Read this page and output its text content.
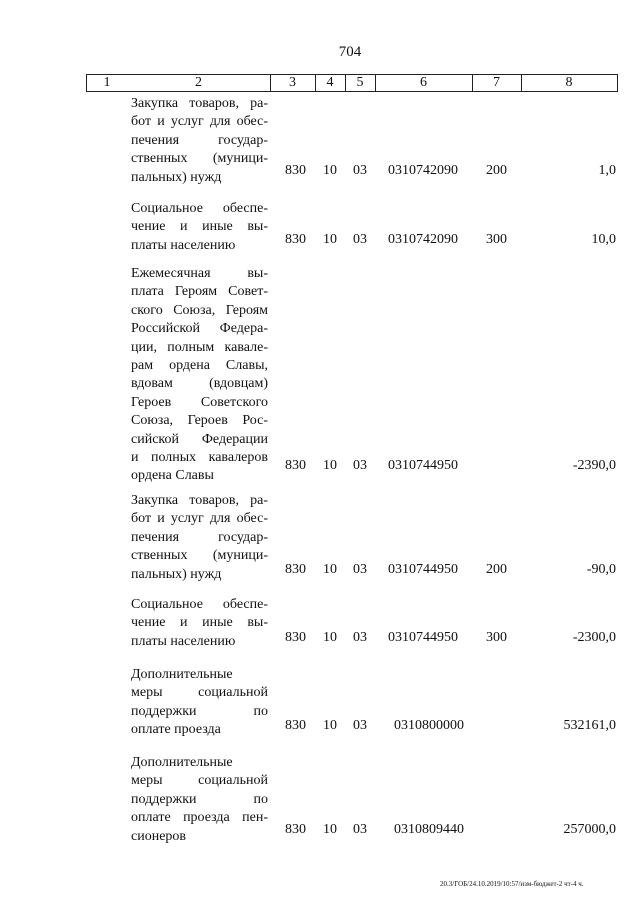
704
1	2	3	4	5	6	7	8
Закупка товаров, ра-
бот и услуг для обес-
печения государ-
ственных (муници-
пальных) нужд	830 10 03 0310742090 200	1,0
Социальное обеспе-
чение и иные вы-
платы населению	830 10 03 0310742090 300	10,0
Ежемесячная вы-
плата Героям Совет-
ского Союза, Героям
Российской Федера-
ции, полным кавале-
рам ордена Славы,
вдовам (вдовцам)
Героев Советского
Союза, Героев Рос-
сийской Федерации
и полных кавалеров
ордена Славы
830 10 03 0310744950	-2390,0
Закупка товаров, ра-
бот и услуг для обес-
печения государ-
ственных (муници-
пальных) нужд	830 10 03 0310744950 200	-90,0
Социальное обеспе-
чение и иные вы-
платы населению	830 10 03 0310744950 300	-2300,0
Дополнительные
меры социальной
поддержки по
оплате проезда	830 10 03 0310800000	532161,0
Дополнительные
меры социальной
поддержки по
оплате проезда пен-
сионеров	830 10 03 0310809440	257000,0
20.3/ГОБ/24.10.2019/10:57/изм-бюджет-2 чт-4 ч.
